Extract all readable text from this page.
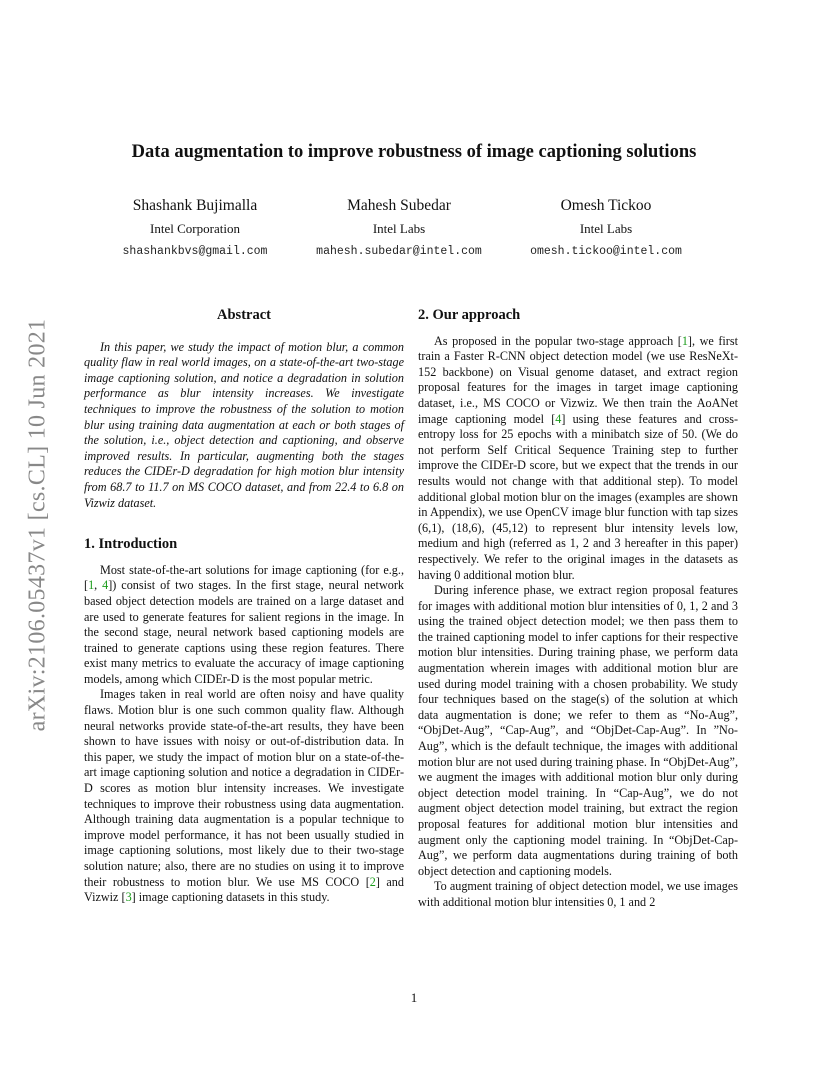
arXiv:2106.05437v1 [cs.CL] 10 Jun 2021
Data augmentation to improve robustness of image captioning solutions
Shashank Bujimalla
Intel Corporation
shashankbvs@gmail.com
Mahesh Subedar
Intel Labs
mahesh.subedar@intel.com
Omesh Tickoo
Intel Labs
omesh.tickoo@intel.com
Abstract

In this paper, we study the impact of motion blur, a common quality flaw in real world images, on a state-of-the-art two-stage image captioning solution, and notice a degradation in solution performance as blur intensity increases. We investigate techniques to improve the robustness of the solution to motion blur using training data augmentation at each or both stages of the solution, i.e., object detection and captioning, and observe improved results. In particular, augmenting both the stages reduces the CIDEr-D degradation for high motion blur intensity from 68.7 to 11.7 on MS COCO dataset, and from 22.4 to 6.8 on Vizwiz dataset.

1. Introduction

Most state-of-the-art solutions for image captioning (for e.g., [1, 4]) consist of two stages. In the first stage, neural network based object detection models are trained on a large dataset and are used to generate features for salient regions in the image. In the second stage, neural network based captioning models are trained to generate captions using these region features. There exist many metrics to evaluate the accuracy of image captioning models, among which CIDEr-D is the most popular metric.

Images taken in real world are often noisy and have quality flaws. Motion blur is one such common quality flaw. Although neural networks provide state-of-the-art results, they have been shown to have issues with noisy or out-of-distribution data. In this paper, we study the impact of motion blur on a state-of-the-art image captioning solution and notice a degradation in CIDEr-D scores as motion blur intensity increases. We investigate techniques to improve their robustness using data augmentation. Although training data augmentation is a popular technique to improve model performance, it has not been usually studied in image captioning solutions, most likely due to their two-stage solution nature; also, there are no studies on using it to improve their robustness to motion blur. We use MS COCO [2] and Vizwiz [3] image captioning datasets in this study.

2. Our approach

As proposed in the popular two-stage approach [1], we first train a Faster R-CNN object detection model (we use ResNeXt-152 backbone) on Visual genome dataset, and extract region proposal features for the images in target image captioning dataset, i.e., MS COCO or Vizwiz. We then train the AoANet image captioning model [4] using these features and cross-entropy loss for 25 epochs with a minibatch size of 50. (We do not perform Self Critical Sequence Training step to further improve the CIDEr-D score, but we expect that the trends in our results would not change with that additional step). To model additional global motion blur on the images (examples are shown in Appendix), we use OpenCV image blur function with tap sizes (6,1), (18,6), (45,12) to represent blur intensity levels low, medium and high (referred as 1, 2 and 3 hereafter in this paper) respectively. We refer to the original images in the datasets as having 0 additional motion blur.

During inference phase, we extract region proposal features for images with additional motion blur intensities of 0, 1, 2 and 3 using the trained object detection model; we then pass them to the trained captioning model to infer captions for their respective motion blur intensities. During training phase, we perform data augmentation wherein images with additional motion blur are used during model training with a chosen probability. We study four techniques based on the stage(s) of the solution at which data augmentation is done; we refer to them as “No-Aug”, “ObjDet-Aug”, “Cap-Aug”, and “ObjDet-Cap-Aug”. In ”No-Aug”, which is the default technique, the images with additional motion blur are not used during training phase. In “ObjDet-Aug”, we augment the images with additional motion blur only during object detection model training. In “Cap-Aug”, we do not augment object detection model training, but extract the region proposal features for additional motion blur intensities and augment only the captioning model training. In “ObjDet-Cap-Aug”, we perform data augmentations during training of both object detection and captioning models.

To augment training of object detection model, we use images with additional motion blur intensities 0, 1 and 2

1
